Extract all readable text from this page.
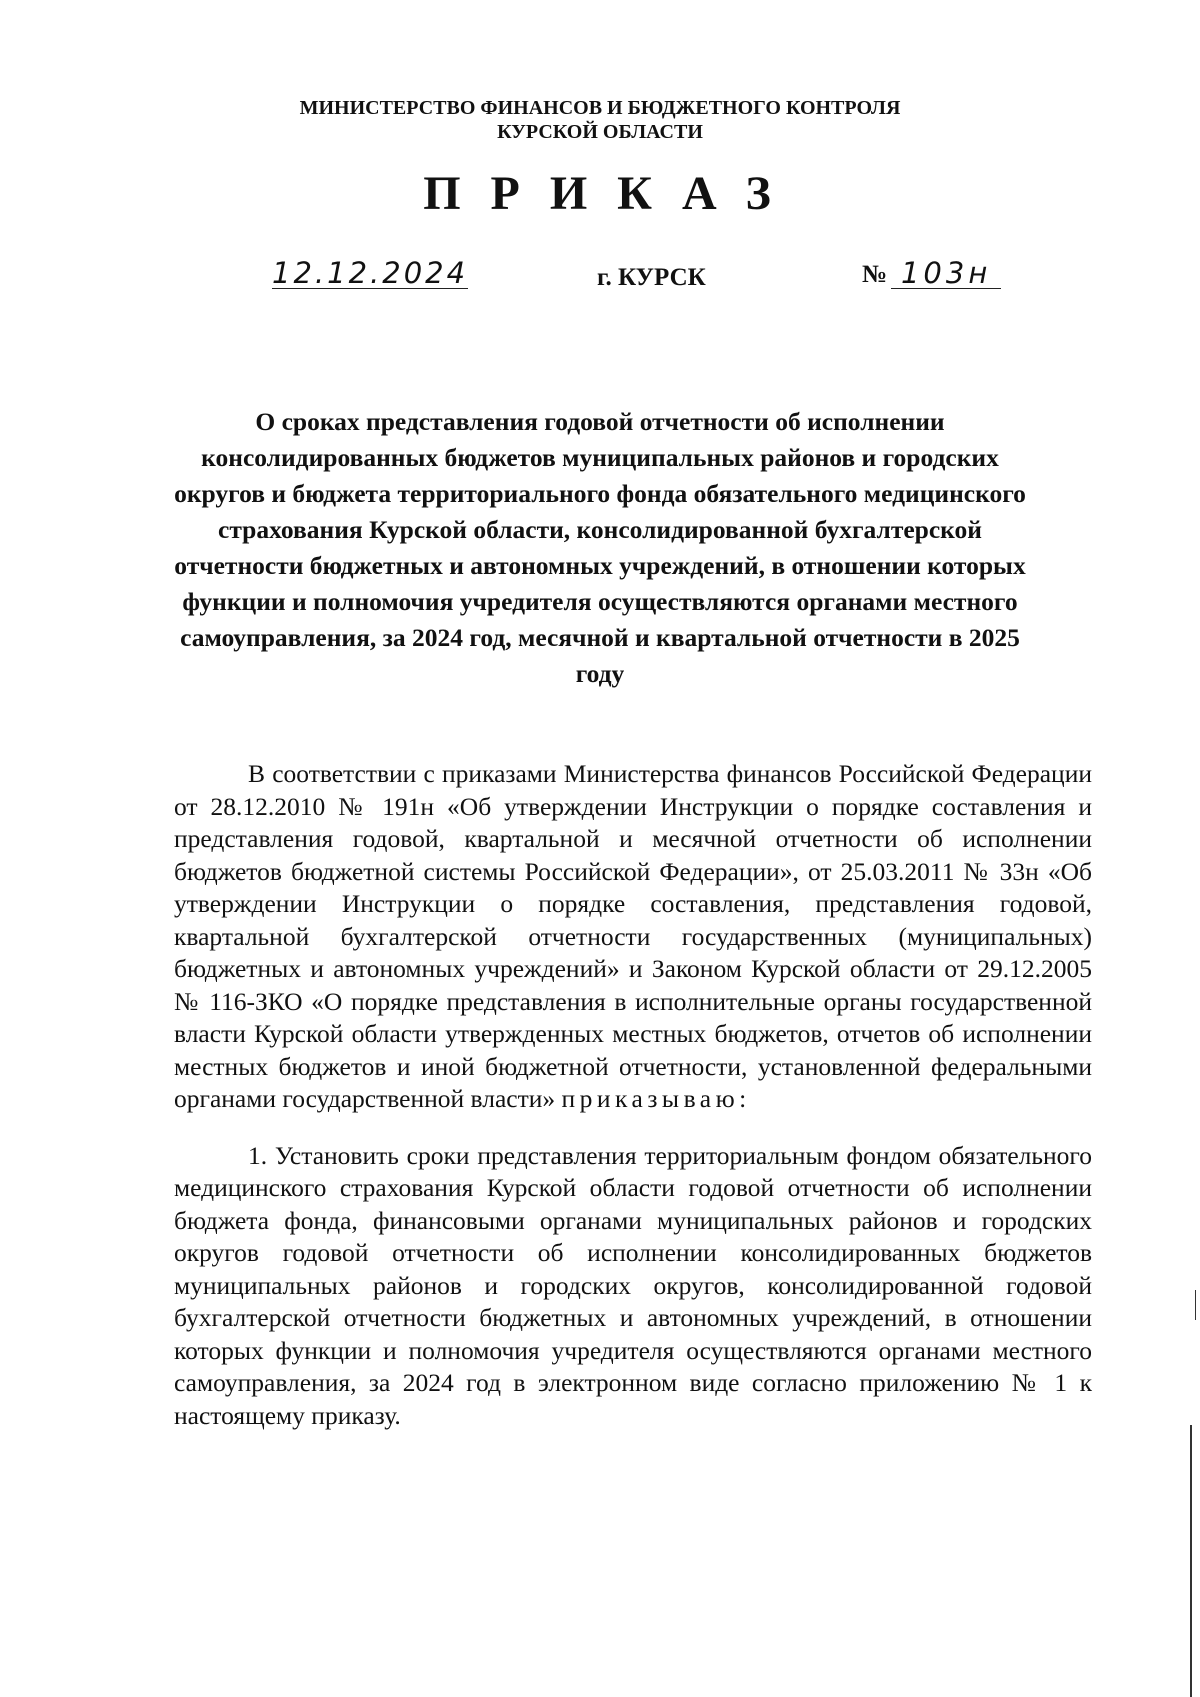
МИНИСТЕРСТВО ФИНАНСОВ И БЮДЖЕТНОГО КОНТРОЛЯ
КУРСКОЙ ОБЛАСТИ
ПРИКАЗ
12.12.2024	г. КУРСК	№ 103н
О сроках представления годовой отчетности об исполнении консолидированных бюджетов муниципальных районов и городских округов и бюджета территориального фонда обязательного медицинского страхования Курской области, консолидированной бухгалтерской отчетности бюджетных и автономных учреждений, в отношении которых функции и полномочия учредителя осуществляются органами местного самоуправления, за 2024 год, месячной и квартальной отчетности в 2025 году

В соответствии с приказами Министерства финансов Российской Федерации от 28.12.2010 № 191н «Об утверждении Инструкции о порядке составления и представления годовой, квартальной и месячной отчетности об исполнении бюджетов бюджетной системы Российской Федерации», от 25.03.2011 № 33н «Об утверждении Инструкции о порядке составления, представления годовой, квартальной бухгалтерской отчетности государственных (муниципальных) бюджетных и автономных учреждений» и Законом Курской области от 29.12.2005 № 116-ЗКО «О порядке представления в исполнительные органы государственной власти Курской области утвержденных местных бюджетов, отчетов об исполнении местных бюджетов и иной бюджетной отчетности, установленной федеральными органами государственной власти» приказываю:

1. Установить сроки представления территориальным фондом обязательного медицинского страхования Курской области годовой отчетности об исполнении бюджета фонда, финансовыми органами муниципальных районов и городских округов годовой отчетности об исполнении консолидированных бюджетов муниципальных районов и городских округов, консолидированной годовой бухгалтерской отчетности бюджетных и автономных учреждений, в отношении которых функции и полномочия учредителя осуществляются органами местного самоуправления, за 2024 год в электронном виде согласно приложению № 1 к настоящему приказу.
